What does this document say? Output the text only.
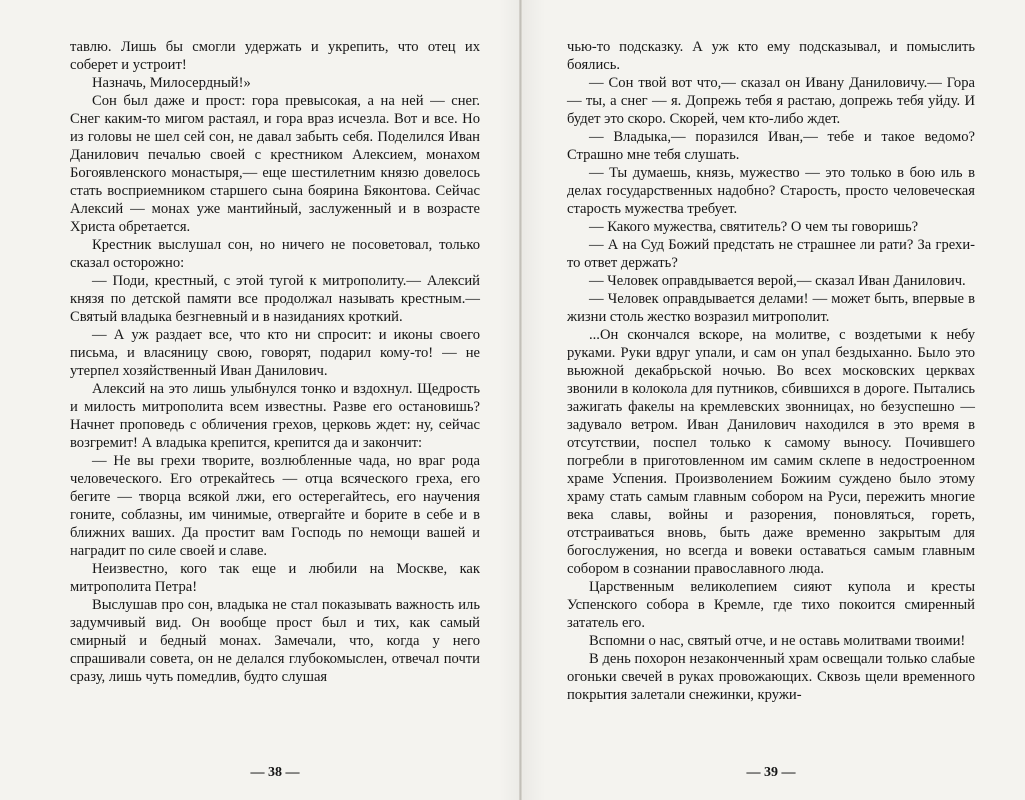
тавлю. Лишь бы смогли удержать и укрепить, что отец их соберет и устроит!

Назначь, Милосердный!»

Сон был даже и прост: гора превысокая, а на ней — снег. Снег каким-то мигом растаял, и гора враз исчезла. Вот и все. Но из головы не шел сей сон, не давал забыть себя. Поделился Иван Данилович печалью своей с крестником Алексием, монахом Богоявленского монастыря,— еще шестилетним князю довелось стать восприемником старшего сына боярина Бяконтова. Сейчас Алексий — монах уже мантийный, заслуженный и в возрасте Христа обретается.

Крестник выслушал сон, но ничего не посоветовал, только сказал осторожно:

— Поди, крестный, с этой тугой к митрополиту.— Алексий князя по детской памяти все продолжал называть крестным.— Святый владыка безгневный и в назиданиях кроткий.

— А уж раздает все, что кто ни спросит: и иконы своего письма, и власяницу свою, говорят, подарил кому-то! — не утерпел хозяйственный Иван Данилович.

Алексий на это лишь улыбнулся тонко и вздохнул. Щедрость и милость митрополита всем известны. Разве его остановишь? Начнет проповедь с обличения грехов, церковь ждет: ну, сейчас возгремит! А владыка крепится, крепится да и закончит:

— Не вы грехи творите, возлюбленные чада, но враг рода человеческого. Его отрекайтесь — отца всяческого греха, его бегите — творца всякой лжи, его остерегайтесь, его научения гоните, соблазны, им чинимые, отвергайте и борите в себе и в ближних ваших. Да простит вам Господь по немощи вашей и наградит по силе своей и славе.

Неизвестно, кого так еще и любили на Москве, как митрополита Петра!

Выслушав про сон, владыка не стал показывать важность иль задумчивый вид. Он вообще прост был и тих, как самый смирный и бедный монах. Замечали, что, когда у него спрашивали совета, он не делался глубокомыслен, отвечал почти сразу, лишь чуть помедлив, будто слушая

— 38 —

чью-то подсказку. А уж кто ему подсказывал, и помыслить боялись.

— Сон твой вот что,— сказал он Ивану Даниловичу.— Гора — ты, а снег — я. Допрежь тебя я растаю, допрежь тебя уйду. И будет это скоро. Скорей, чем кто-либо ждет.

— Владыка,— поразился Иван,— тебе и такое ведомо? Страшно мне тебя слушать.

— Ты думаешь, князь, мужество — это только в бою иль в делах государственных надобно? Старость, просто человеческая старость мужества требует.

— Какого мужества, святитель? О чем ты говоришь?

— А на Суд Божий предстать не страшнее ли рати? За грехи-то ответ держать?

— Человек оправдывается верой,— сказал Иван Данилович.

— Человек оправдывается делами! — может быть, впервые в жизни столь жестко возразил митрополит.

...Он скончался вскоре, на молитве, с воздетыми к небу руками. Руки вдруг упали, и сам он упал бездыханно. Было это вьюжной декабрьской ночью. Во всех московских церквах звонили в колокола для путников, сбившихся в дороге. Пытались зажигать факелы на кремлевских звонницах, но безуспешно — задувало ветром. Иван Данилович находился в это время в отсутствии, поспел только к самому выносу. Почившего погребли в приготовленном им самим склепе в недостроенном храме Успения. Произволением Божиим суждено было этому храму стать самым главным собором на Руси, пережить многие века славы, войны и разорения, поновляться, гореть, отстраиваться вновь, быть даже временно закрытым для богослужения, но всегда и вовеки оставаться самым главным собором в сознании православного люда.

Царственным великолепием сияют купола и кресты Успенского собора в Кремле, где тихо покоится смиренный зататель его.

Вспомни о нас, святый отче, и не оставь молитвами твоими!

В день похорон незаконченный храм освещали только слабые огоньки свечей в руках провожающих. Сквозь щели временного покрытия залетали снежинки, кружи-

— 39 —
